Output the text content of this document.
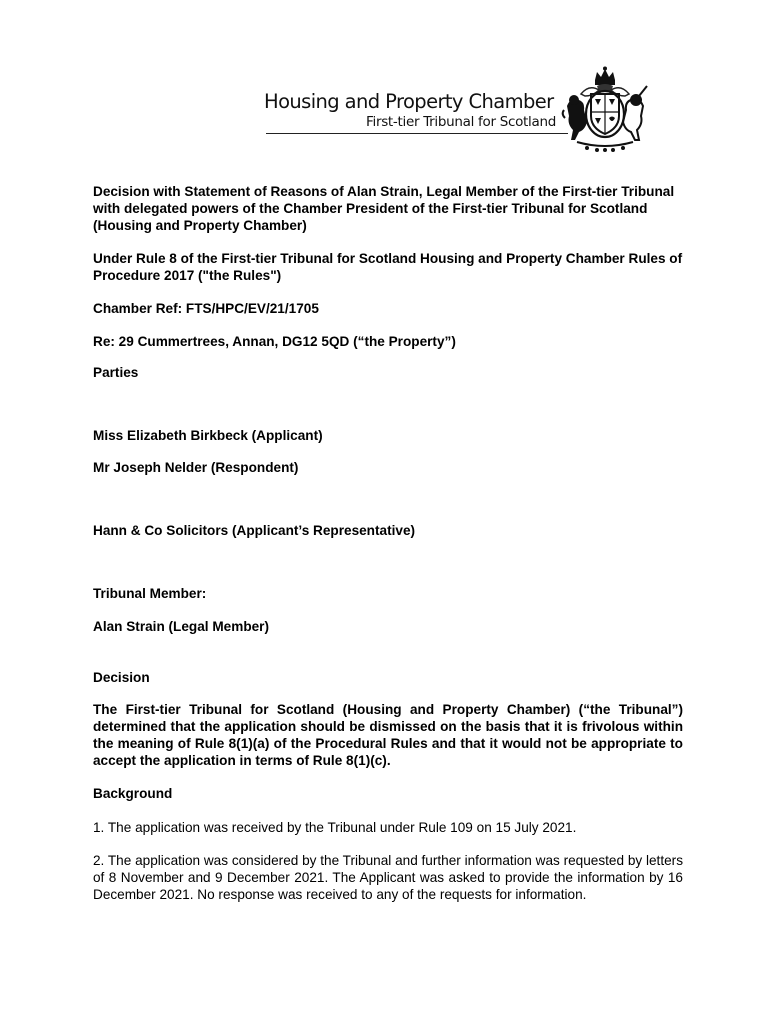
Housing and Property Chamber
First-tier Tribunal for Scotland
Decision with Statement of Reasons of Alan Strain, Legal Member of the First-tier Tribunal with delegated powers of the Chamber President of the First-tier Tribunal for Scotland (Housing and Property Chamber)
Under Rule 8 of the First-tier Tribunal for Scotland Housing and Property Chamber Rules of Procedure 2017 ("the Rules")
Chamber Ref: FTS/HPC/EV/21/1705
Re: 29 Cummertrees, Annan, DG12 5QD (“the Property”)
Parties
Miss Elizabeth Birkbeck (Applicant)
Mr Joseph Nelder (Respondent)
Hann & Co Solicitors (Applicant’s Representative)
Tribunal Member:
Alan Strain (Legal Member)
Decision
The First-tier Tribunal for Scotland (Housing and Property Chamber) (“the Tribunal”) determined that the application should be dismissed on the basis that it is frivolous within the meaning of Rule 8(1)(a) of the Procedural Rules and that it would not be appropriate to accept the application in terms of Rule 8(1)(c).
Background
1. The application was received by the Tribunal under Rule 109 on 15 July 2021.
2. The application was considered by the Tribunal and further information was requested by letters of 8 November and 9 December 2021. The Applicant was asked to provide the information by 16 December 2021. No response was received to any of the requests for information.
